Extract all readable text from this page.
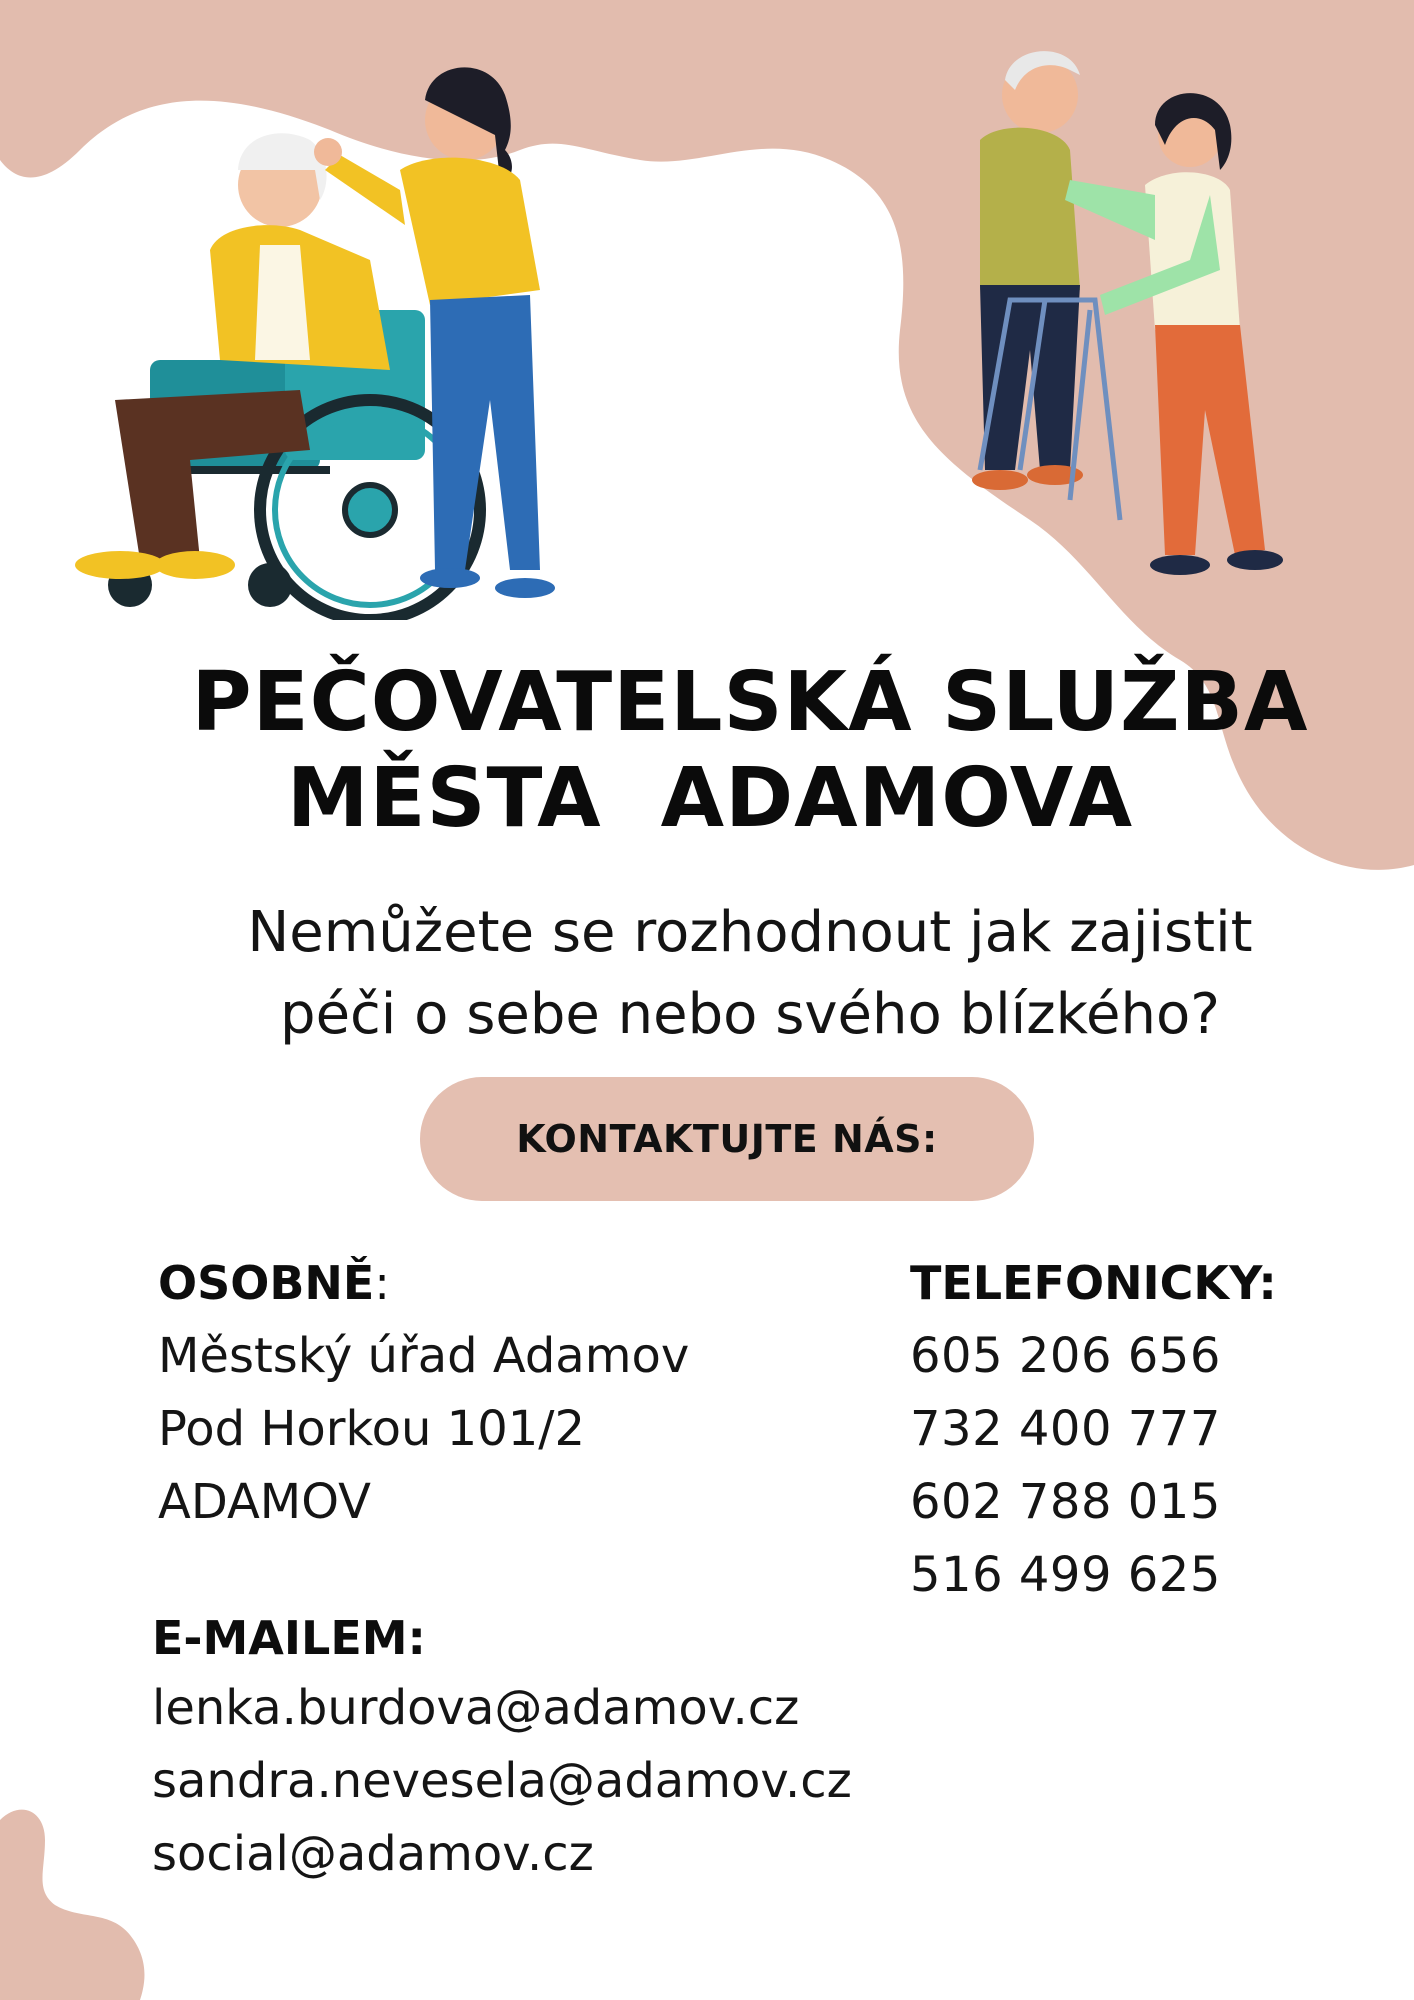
PEČOVATELSKÁ SLUŽBA
MĚSTA  ADAMOVA
Nemůžete se rozhodnout jak zajistit
péči o sebe nebo svého blízkého?
KONTAKTUJTE NÁS:
OSOBNĚ:
Městský úřad Adamov
Pod Horkou 101/2
ADAMOV
TELEFONICKY:
605 206 656
732 400 777
602 788 015
516 499 625
E-MAILEM:
lenka.burdova@adamov.cz
sandra.nevesela@adamov.cz
social@adamov.cz
